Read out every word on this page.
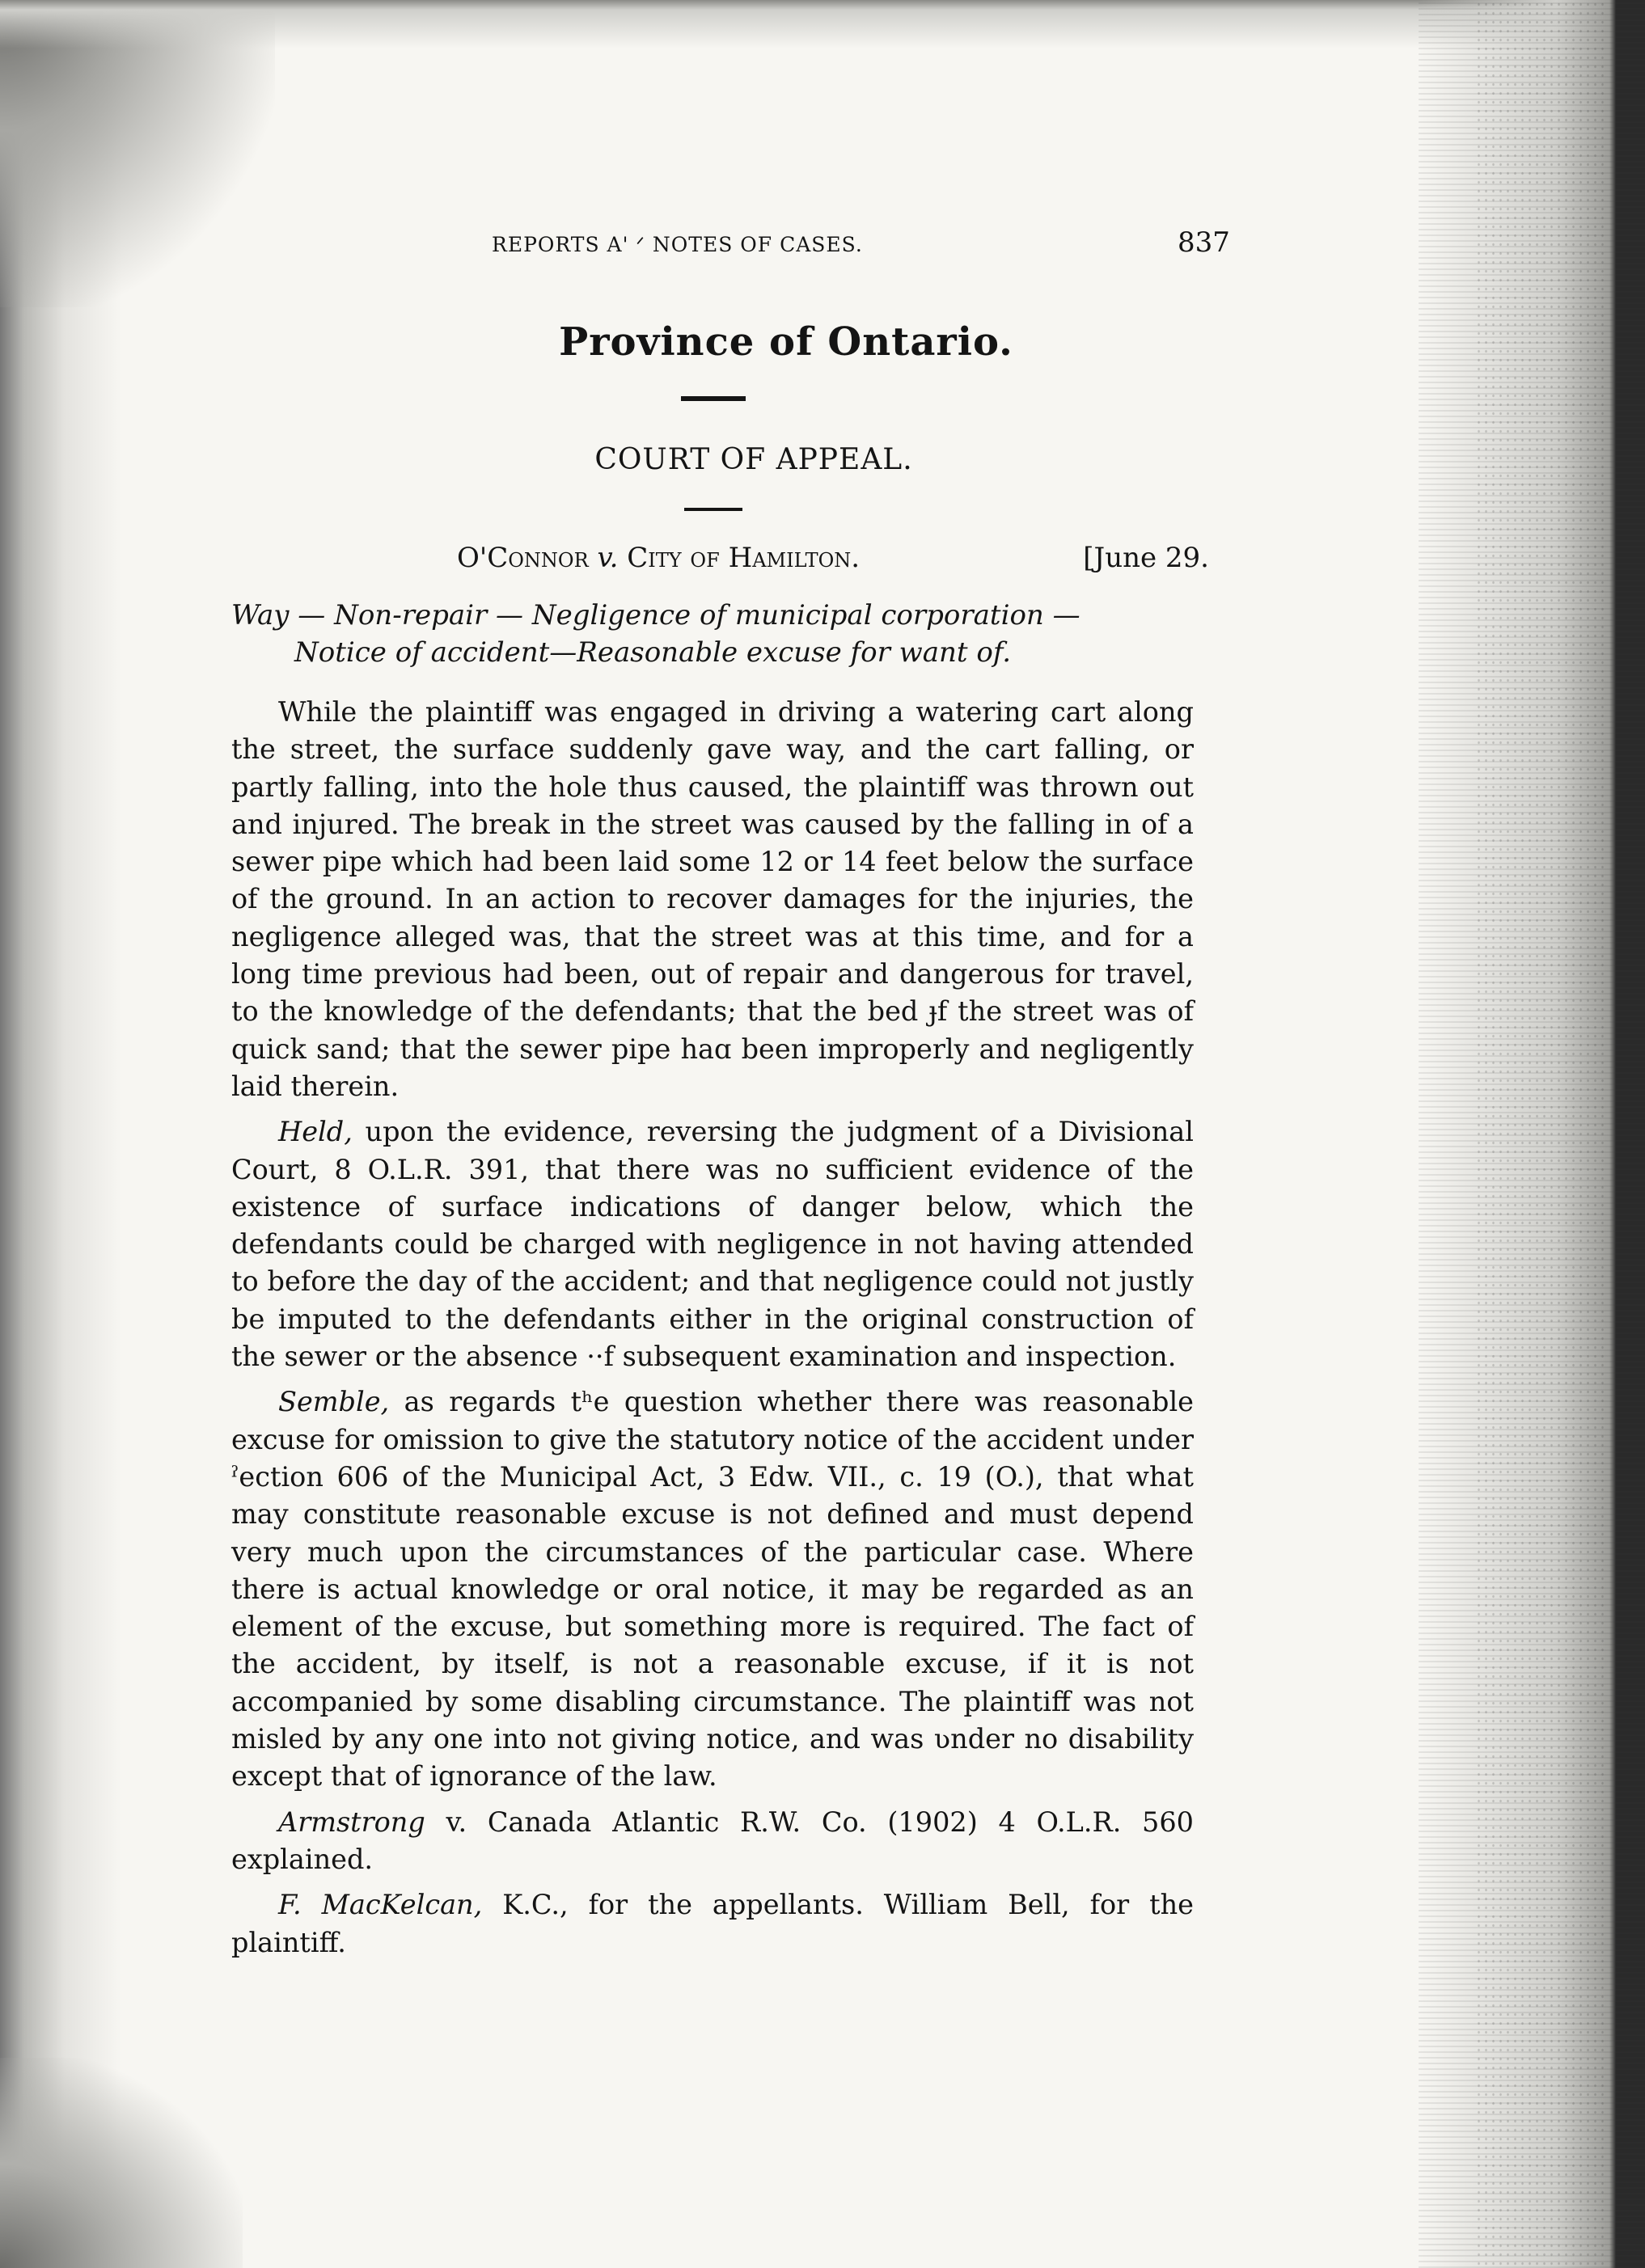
REPORTS A' ᐟ NOTES OF CASES.	837
Province of Ontario.
COURT OF APPEAL.
O'Connor v. City of Hamilton.	[June 29.
Way — Non-repair — Negligence of municipal corporation —
Notice of accident—Reasonable excuse for want of.

While the plaintiff was engaged in driving a watering cart along the street, the surface suddenly gave way, and the cart falling, or partly falling, into the hole thus caused, the plaintiff was thrown out and injured. The break in the street was caused by the falling in of a sewer pipe which had been laid some 12 or 14 feet below the surface of the ground. In an action to recover damages for the injuries, the negligence alleged was, that the street was at this time, and for a long time previous had been, out of repair and dangerous for travel, to the knowledge of the defendants; that the bed ɟf the street was of quick sand; that the sewer pipe haɑ been improperly and negligently laid therein.

Held, upon the evidence, reversing the judgment of a Divisional Court, 8 O.L.R. 391, that there was no sufficient evidence of the existence of surface indications of danger below, which the defendants could be charged with negligence in not having attended to before the day of the accident; and that negligence could not justly be imputed to the defendants either in the original construction of the sewer or the absence ··f subsequent examination and inspection.

Semble, as regards tʰe question whether there was reasonable excuse for omission to give the statutory notice of the accident under ˀection 606 of the Municipal Act, 3 Edw. VII., c. 19 (O.), that what may constitute reasonable excuse is not defined and must depend very much upon the circumstances of the particular case. Where there is actual knowledge or oral notice, it may be regarded as an element of the excuse, but something more is required. The fact of the accident, by itself, is not a reasonable excuse, if it is not accompanied by some disabling circumstance. The plaintiff was not misled by any one into not giving notice, and was ʋnder no disability except that of ignorance of the law.

Armstrong v. Canada Atlantic R.W. Co. (1902) 4 O.L.R. 560 explained.

F. MacKelcan, K.C., for the appellants. William Bell, for the plaintiff.
